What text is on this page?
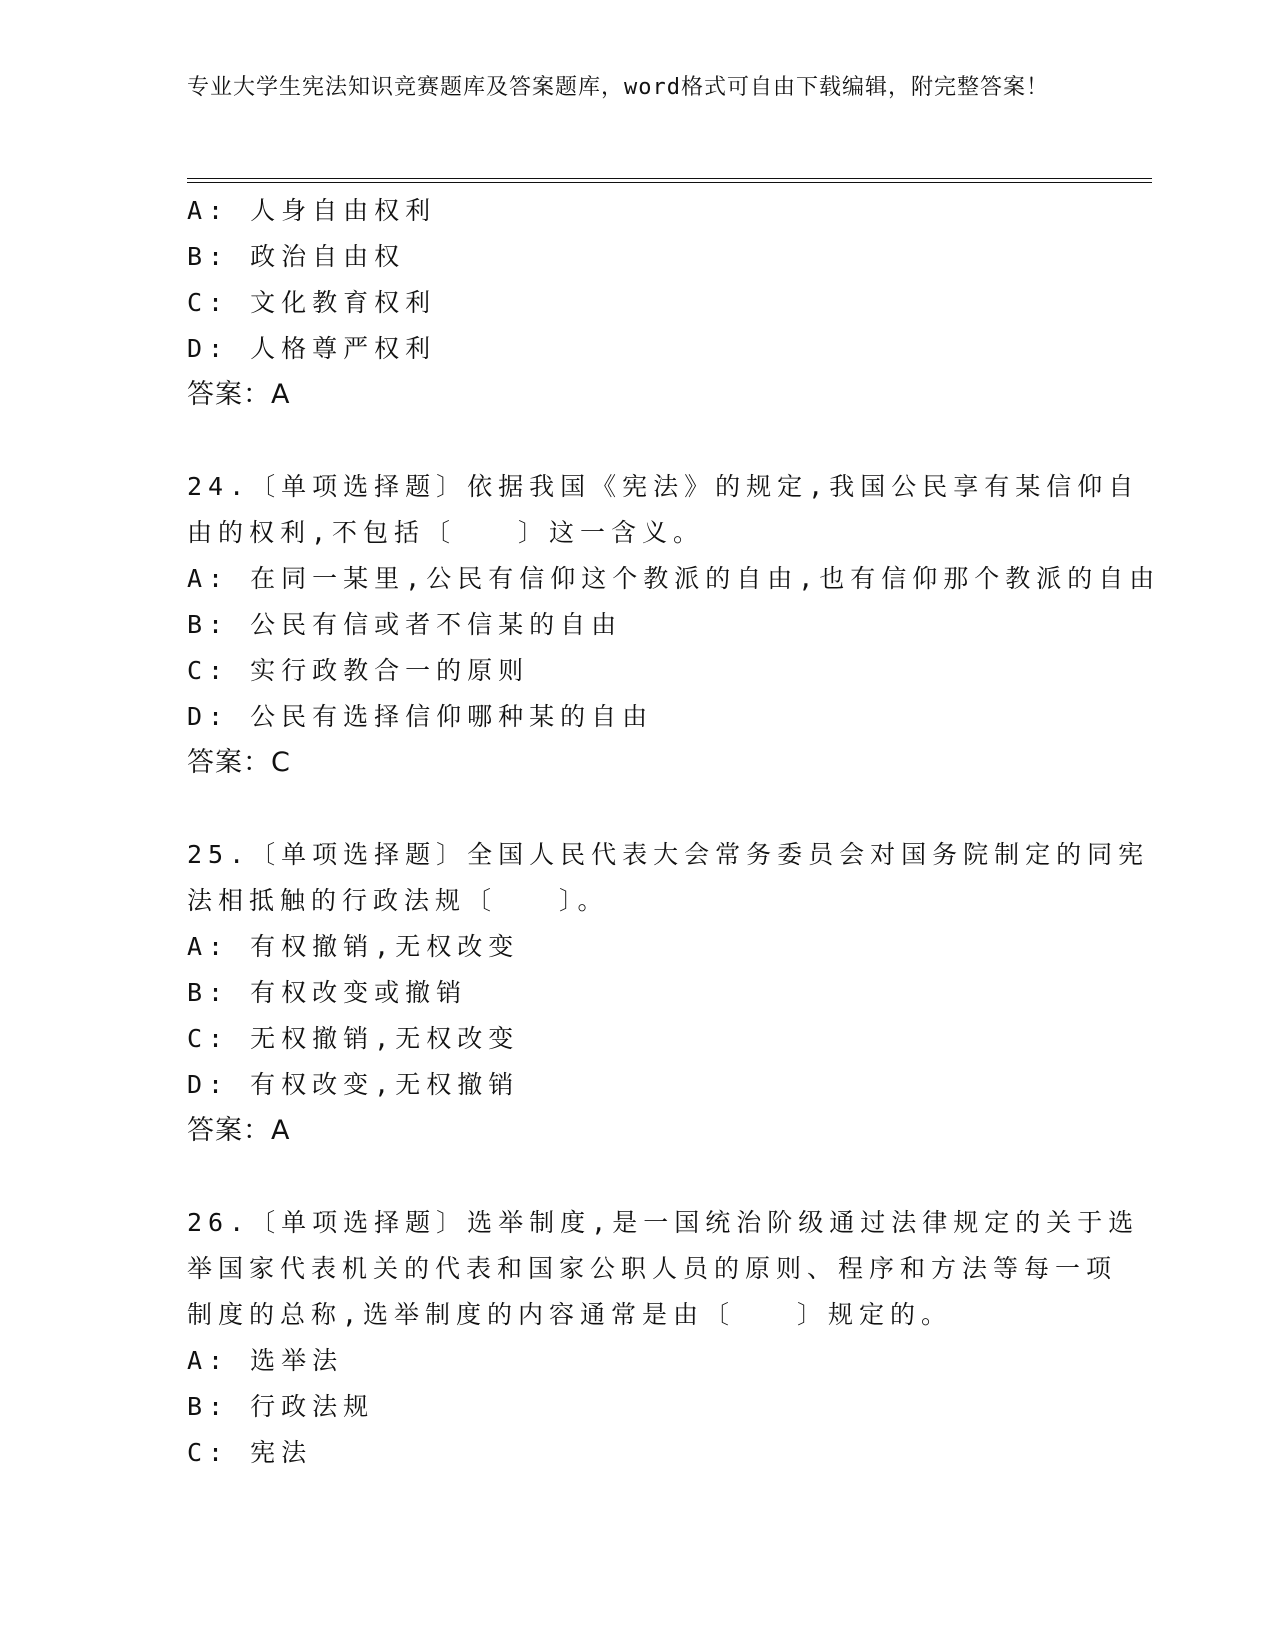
专业大学生宪法知识竞赛题库及答案题库，word格式可自由下载编辑，附完整答案！
A: 人身自由权利
B: 政治自由权
C: 文化教育权利
D: 人格尊严权利
答案：A
24.〔单项选择题〕依据我国《宪法》的规定,我国公民享有某信仰自
由的权利,不包括〔　　〕这一含义。
A: 在同一某里,公民有信仰这个教派的自由,也有信仰那个教派的自由
B: 公民有信或者不信某的自由
C: 实行政教合一的原则
D: 公民有选择信仰哪种某的自由
答案：C
25.〔单项选择题〕全国人民代表大会常务委员会对国务院制定的同宪
法相抵触的行政法规〔　　〕。
A: 有权撤销,无权改变
B: 有权改变或撤销
C: 无权撤销,无权改变
D: 有权改变,无权撤销
答案：A
26.〔单项选择题〕选举制度,是一国统治阶级通过法律规定的关于选
举国家代表机关的代表和国家公职人员的原则、程序和方法等每一项
制度的总称,选举制度的内容通常是由〔　　〕规定的。
A: 选举法
B: 行政法规
C: 宪法
